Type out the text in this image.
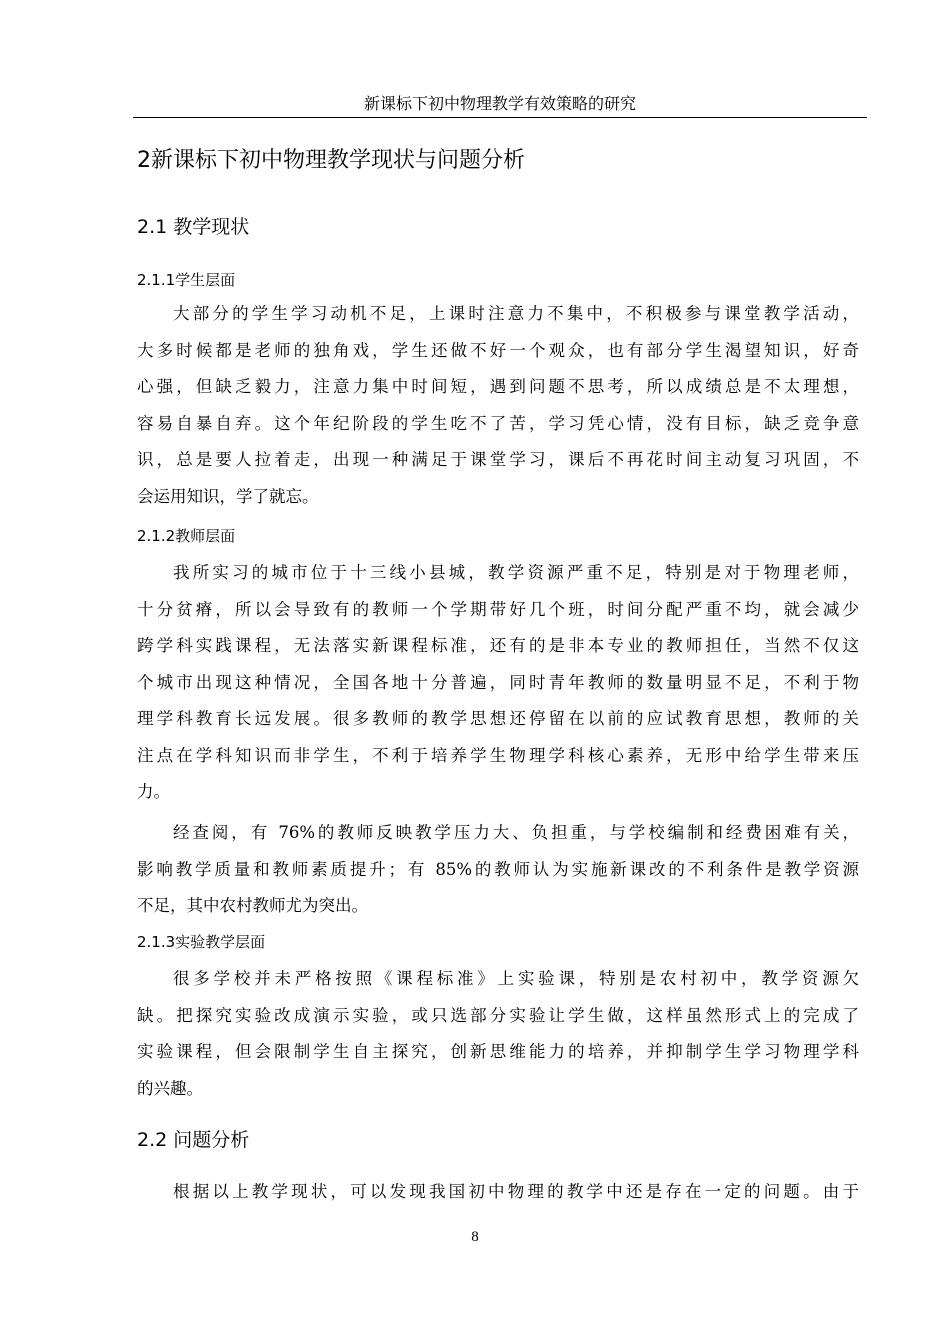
新课标下初中物理教学有效策略的研究
2新课标下初中物理教学现状与问题分析
2.1 教学现状
2.1.1学生层面
大部分的学生学习动机不足，上课时注意力不集中，不积极参与课堂教学活动，
大多时候都是老师的独角戏，学生还做不好一个观众，也有部分学生渴望知识，好奇
心强，但缺乏毅力，注意力集中时间短，遇到问题不思考，所以成绩总是不太理想，
容易自暴自弃。这个年纪阶段的学生吃不了苦，学习凭心情，没有目标，缺乏竞争意
识，总是要人拉着走，出现一种满足于课堂学习，课后不再花时间主动复习巩固，不
会运用知识，学了就忘。
2.1.2教师层面
我所实习的城市位于十三线小县城，教学资源严重不足，特别是对于物理老师，
十分贫瘠，所以会导致有的教师一个学期带好几个班，时间分配严重不均，就会减少
跨学科实践课程，无法落实新课程标准，还有的是非本专业的教师担任，当然不仅这
个城市出现这种情况，全国各地十分普遍，同时青年教师的数量明显不足，不利于物
理学科教育长远发展。很多教师的教学思想还停留在以前的应试教育思想，教师的关
注点在学科知识而非学生，不利于培养学生物理学科核心素养，无形中给学生带来压
力。
经查阅，有 76%的教师反映教学压力大、负担重，与学校编制和经费困难有关，
影响教学质量和教师素质提升；有 85%的教师认为实施新课改的不利条件是教学资源
不足，其中农村教师尤为突出。
2.1.3实验教学层面
很多学校并未严格按照《课程标准》上实验课，特别是农村初中，教学资源欠
缺。把探究实验改成演示实验，或只选部分实验让学生做，这样虽然形式上的完成了
实验课程，但会限制学生自主探究，创新思维能力的培养，并抑制学生学习物理学科
的兴趣。
2.2 问题分析
根据以上教学现状，可以发现我国初中物理的教学中还是存在一定的问题。由于
8
